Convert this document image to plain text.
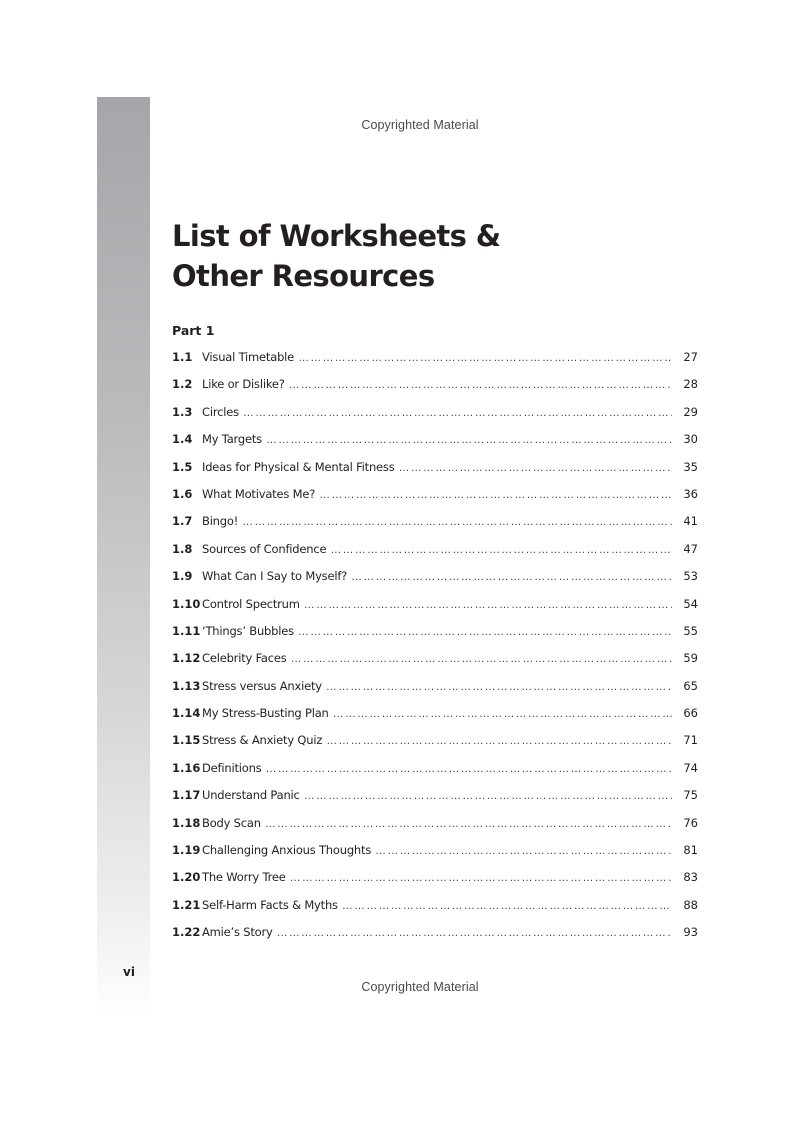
Copyrighted Material
List of Worksheets &
Other Resources
Part 1
1.1 Visual Timetable ………………………………………………………………………………………………………………………………………………………………………………………………	27
1.2 Like or Dislike? ………………………………………………………………………………………………………………………………………………………………………………………………	28
1.3 Circles ………………………………………………………………………………………………………………………………………………………………………………………………	29
1.4 My Targets ………………………………………………………………………………………………………………………………………………………………………………………………	30
1.5 Ideas for Physical & Mental Fitness ………………………………………………………………………………………………………………………………………………………………………………………………	35
1.6 What Motivates Me? ………………………………………………………………………………………………………………………………………………………………………………………………	36
1.7 Bingo! ………………………………………………………………………………………………………………………………………………………………………………………………	41
1.8 Sources of Confidence ………………………………………………………………………………………………………………………………………………………………………………………………	47
1.9 What Can I Say to Myself? ………………………………………………………………………………………………………………………………………………………………………………………………	53
1.10 Control Spectrum ………………………………………………………………………………………………………………………………………………………………………………………………	54
1.11 ‘Things’ Bubbles ………………………………………………………………………………………………………………………………………………………………………………………………	55
1.12 Celebrity Faces ………………………………………………………………………………………………………………………………………………………………………………………………	59
1.13 Stress versus Anxiety ………………………………………………………………………………………………………………………………………………………………………………………………	65
1.14 My Stress-Busting Plan ………………………………………………………………………………………………………………………………………………………………………………………………	66
1.15 Stress & Anxiety Quiz ………………………………………………………………………………………………………………………………………………………………………………………………	71
1.16 Definitions ………………………………………………………………………………………………………………………………………………………………………………………………	74
1.17 Understand Panic ………………………………………………………………………………………………………………………………………………………………………………………………	75
1.18 Body Scan ………………………………………………………………………………………………………………………………………………………………………………………………	76
1.19 Challenging Anxious Thoughts ………………………………………………………………………………………………………………………………………………………………………………………………	81
1.20 The Worry Tree ………………………………………………………………………………………………………………………………………………………………………………………………	83
1.21 Self-Harm Facts & Myths ………………………………………………………………………………………………………………………………………………………………………………………………	88
1.22 Amie’s Story ………………………………………………………………………………………………………………………………………………………………………………………………	93
vi
Copyrighted Material
